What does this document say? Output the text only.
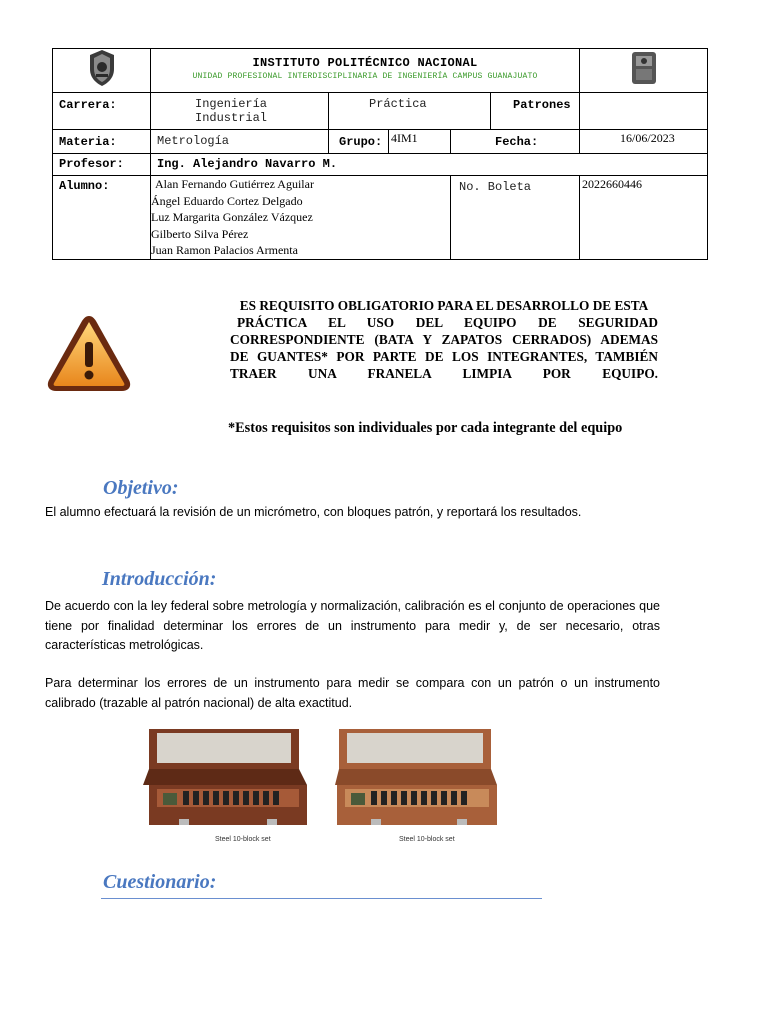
INSTITUTO POLITÉCNICO NACIONAL
UNIDAD PROFESIONAL INTERDISCIPLINARIA DE INGENIERÍA CAMPUS GUANAJUATO

Carrera:	Ingeniería
Industrial	Práctica			Patrones	
Materia:	Metrología	Grupo:	4IM1	Fecha:		16/06/2023
Profesor:	Ing. Alejandro Navarro M.					
Alumno:	Alan Fernando Gutiérrez Aguilar
Ángel Eduardo Cortez Delgado
Luz Margarita González Vázquez
Gilberto Silva Pérez
Juan Ramon Palacios Armenta			No. Boleta		2022660446
ES REQUISITO OBLIGATORIO PARA EL DESARROLLO DE ESTA
PRÁCTICA EL USO DEL EQUIPO DE SEGURIDAD
CORRESPONDIENTE (BATA Y ZAPATOS CERRADOS) ADEMAS
DE GUANTES* POR PARTE DE LOS INTEGRANTES, TAMBIÉN
TRAER UNA FRANELA LIMPIA POR EQUIPO.
*Estos requisitos son individuales por cada integrante del equipo
Objetivo:
El alumno efectuará la revisión de un micrómetro, con bloques patrón, y reportará los resultados.
Introducción:
De acuerdo con la ley federal sobre metrología y normalización, calibración es el conjunto de operaciones que tiene por finalidad determinar los errores de un instrumento para medir y, de ser necesario, otras características metrológicas.
Para determinar los errores de un instrumento para medir se compara con un patrón o un instrumento calibrado (trazable al patrón nacional) de alta exactitud.
Steel 10-block set	Steel 10-block set
Cuestionario:
